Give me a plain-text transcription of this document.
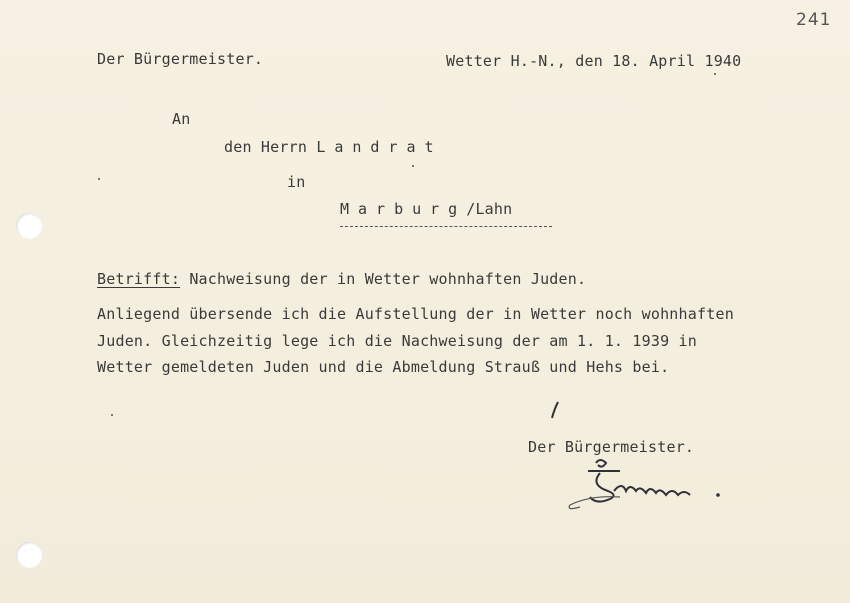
241
Der Bürgermeister.	Wetter H.-N., den 18. April 1940
An
den Herrn Landrat
in
Marburg/Lahn
Betrifft: Nachweisung der in Wetter wohnhaften Juden.
Anliegend übersende ich die Aufstellung der in Wetter noch wohnhaften
Juden. Gleichzeitig lege ich die Nachweisung der am 1. 1. 1939 in
Wetter gemeldeten Juden und die Abmeldung Strauß und Hehs bei.
Der Bürgermeister.
